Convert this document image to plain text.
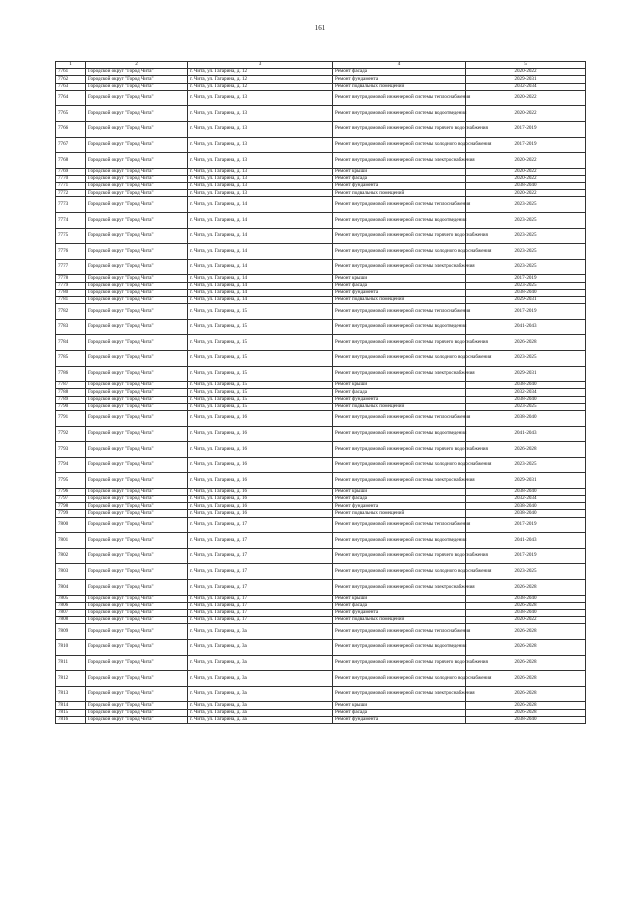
161
1	2	3	4	5
7761	Городской округ "Город Чита"	г. Чита, ул. Гагарина, д. 12	Ремонт фасада	2020-2022
7762	Городской округ "Город Чита"	г. Чита, ул. Гагарина, д. 12	Ремонт фундамента	2029-2031
7763	Городской округ "Город Чита"	г. Чита, ул. Гагарина, д. 12	Ремонт подвальных помещений	2032-2034
7764	Городской округ "Город Чита"	г. Чита, ул. Гагарина, д. 13	Ремонт внутридомовой инженерной системы теплоснабжения	2020-2022
7765	Городской округ "Город Чита"	г. Чита, ул. Гагарина, д. 13	Ремонт внутридомовой инженерной системы водоотведения	2020-2022
7766	Городской округ "Город Чита"	г. Чита, ул. Гагарина, д. 13	Ремонт внутридомовой инженерной системы горячего водоснабжения	2017-2019
7767	Городской округ "Город Чита"	г. Чита, ул. Гагарина, д. 13	Ремонт внутридомовой инженерной системы холодного водоснабжения	2017-2019
7768	Городской округ "Город Чита"	г. Чита, ул. Гагарина, д. 13	Ремонт внутридомовой инженерной системы электроснабжения	2020-2022
7769	Городской округ "Город Чита"	г. Чита, ул. Гагарина, д. 13	Ремонт крыши	2020-2022
7770	Городской округ "Город Чита"	г. Чита, ул. Гагарина, д. 13	Ремонт фасада	2020-2022
7771	Городской округ "Город Чита"	г. Чита, ул. Гагарина, д. 13	Ремонт фундамента	2038-2040
7772	Городской округ "Город Чита"	г. Чита, ул. Гагарина, д. 13	Ремонт подвальных помещений	2020-2022
7773	Городской округ "Город Чита"	г. Чита, ул. Гагарина, д. 14	Ремонт внутридомовой инженерной системы теплоснабжения	2023-2025
7774	Городской округ "Город Чита"	г. Чита, ул. Гагарина, д. 14	Ремонт внутридомовой инженерной системы водоотведения	2023-2025
7775	Городской округ "Город Чита"	г. Чита, ул. Гагарина, д. 14	Ремонт внутридомовой инженерной системы горячего водоснабжения	2023-2025
7776	Городской округ "Город Чита"	г. Чита, ул. Гагарина, д. 14	Ремонт внутридомовой инженерной системы холодного водоснабжения	2023-2025
7777	Городской округ "Город Чита"	г. Чита, ул. Гагарина, д. 14	Ремонт внутридомовой инженерной системы электроснабжения	2023-2025
7778	Городской округ "Город Чита"	г. Чита, ул. Гагарина, д. 14	Ремонт крыши	2017-2019
7779	Городской округ "Город Чита"	г. Чита, ул. Гагарина, д. 14	Ремонт фасада	2023-2025
7780	Городской округ "Город Чита"	г. Чита, ул. Гагарина, д. 14	Ремонт фундамента	2038-2040
7781	Городской округ "Город Чита"	г. Чита, ул. Гагарина, д. 14	Ремонт подвальных помещений	2029-2031
7782	Городской округ "Город Чита"	г. Чита, ул. Гагарина, д. 15	Ремонт внутридомовой инженерной системы теплоснабжения	2017-2019
7783	Городской округ "Город Чита"	г. Чита, ул. Гагарина, д. 15	Ремонт внутридомовой инженерной системы водоотведения	2041-2043
7784	Городской округ "Город Чита"	г. Чита, ул. Гагарина, д. 15	Ремонт внутридомовой инженерной системы горячего водоснабжения	2026-2028
7785	Городской округ "Город Чита"	г. Чита, ул. Гагарина, д. 15	Ремонт внутридомовой инженерной системы холодного водоснабжения	2023-2025
7786	Городской округ "Город Чита"	г. Чита, ул. Гагарина, д. 15	Ремонт внутридомовой инженерной системы электроснабжения	2029-2031
7787	Городской округ "Город Чита"	г. Чита, ул. Гагарина, д. 15	Ремонт крыши	2038-2040
7788	Городской округ "Город Чита"	г. Чита, ул. Гагарина, д. 15	Ремонт фасада	2032-2034
7789	Городской округ "Город Чита"	г. Чита, ул. Гагарина, д. 15	Ремонт фундамента	2038-2040
7790	Городской округ "Город Чита"	г. Чита, ул. Гагарина, д. 15	Ремонт подвальных помещений	2023-2025
7791	Городской округ "Город Чита"	г. Чита, ул. Гагарина, д. 16	Ремонт внутридомовой инженерной системы теплоснабжения	2038-2040
7792	Городской округ "Город Чита"	г. Чита, ул. Гагарина, д. 16	Ремонт внутридомовой инженерной системы водоотведения	2041-2043
7793	Городской округ "Город Чита"	г. Чита, ул. Гагарина, д. 16	Ремонт внутридомовой инженерной системы горячего водоснабжения	2026-2028
7794	Городской округ "Город Чита"	г. Чита, ул. Гагарина, д. 16	Ремонт внутридомовой инженерной системы холодного водоснабжения	2023-2025
7795	Городской округ "Город Чита"	г. Чита, ул. Гагарина, д. 16	Ремонт внутридомовой инженерной системы электроснабжения	2029-2031
7796	Городской округ "Город Чита"	г. Чита, ул. Гагарина, д. 16	Ремонт крыши	2038-2040
7797	Городской округ "Город Чита"	г. Чита, ул. Гагарина, д. 16	Ремонт фасада	2032-2034
7798	Городской округ "Город Чита"	г. Чита, ул. Гагарина, д. 16	Ремонт фундамента	2038-2040
7799	Городской округ "Город Чита"	г. Чита, ул. Гагарина, д. 16	Ремонт подвальных помещений	2038-2040
7800	Городской округ "Город Чита"	г. Чита, ул. Гагарина, д. 17	Ремонт внутридомовой инженерной системы теплоснабжения	2017-2019
7801	Городской округ "Город Чита"	г. Чита, ул. Гагарина, д. 17	Ремонт внутридомовой инженерной системы водоотведения	2041-2043
7802	Городской округ "Город Чита"	г. Чита, ул. Гагарина, д. 17	Ремонт внутридомовой инженерной системы горячего водоснабжения	2017-2019
7803	Городской округ "Город Чита"	г. Чита, ул. Гагарина, д. 17	Ремонт внутридомовой инженерной системы холодного водоснабжения	2023-2025
7804	Городской округ "Город Чита"	г. Чита, ул. Гагарина, д. 17	Ремонт внутридомовой инженерной системы электроснабжения	2026-2028
7805	Городской округ "Город Чита"	г. Чита, ул. Гагарина, д. 17	Ремонт крыши	2038-2040
7806	Городской округ "Город Чита"	г. Чита, ул. Гагарина, д. 17	Ремонт фасада	2026-2028
7807	Городской округ "Город Чита"	г. Чита, ул. Гагарина, д. 17	Ремонт фундамента	2038-2040
7808	Городской округ "Город Чита"	г. Чита, ул. Гагарина, д. 17	Ремонт подвальных помещений	2020-2022
7809	Городской округ "Город Чита"	г. Чита, ул. Гагарина, д. 3а	Ремонт внутридомовой инженерной системы теплоснабжения	2026-2028
7810	Городской округ "Город Чита"	г. Чита, ул. Гагарина, д. 3а	Ремонт внутридомовой инженерной системы водоотведения	2026-2028
7811	Городской округ "Город Чита"	г. Чита, ул. Гагарина, д. 3а	Ремонт внутридомовой инженерной системы горячего водоснабжения	2026-2028
7812	Городской округ "Город Чита"	г. Чита, ул. Гагарина, д. 3а	Ремонт внутридомовой инженерной системы холодного водоснабжения	2026-2028
7813	Городской округ "Город Чита"	г. Чита, ул. Гагарина, д. 3а	Ремонт внутридомовой инженерной системы электроснабжения	2026-2028
7814	Городской округ "Город Чита"	г. Чита, ул. Гагарина, д. 3а	Ремонт крыши	2026-2028
7815	Городской округ "Город Чита"	г. Чита, ул. Гагарина, д. 3а	Ремонт фасада	2026-2028
7816	Городской округ "Город Чита"	г. Чита, ул. Гагарина, д. 3а	Ремонт фундамента	2038-2040
